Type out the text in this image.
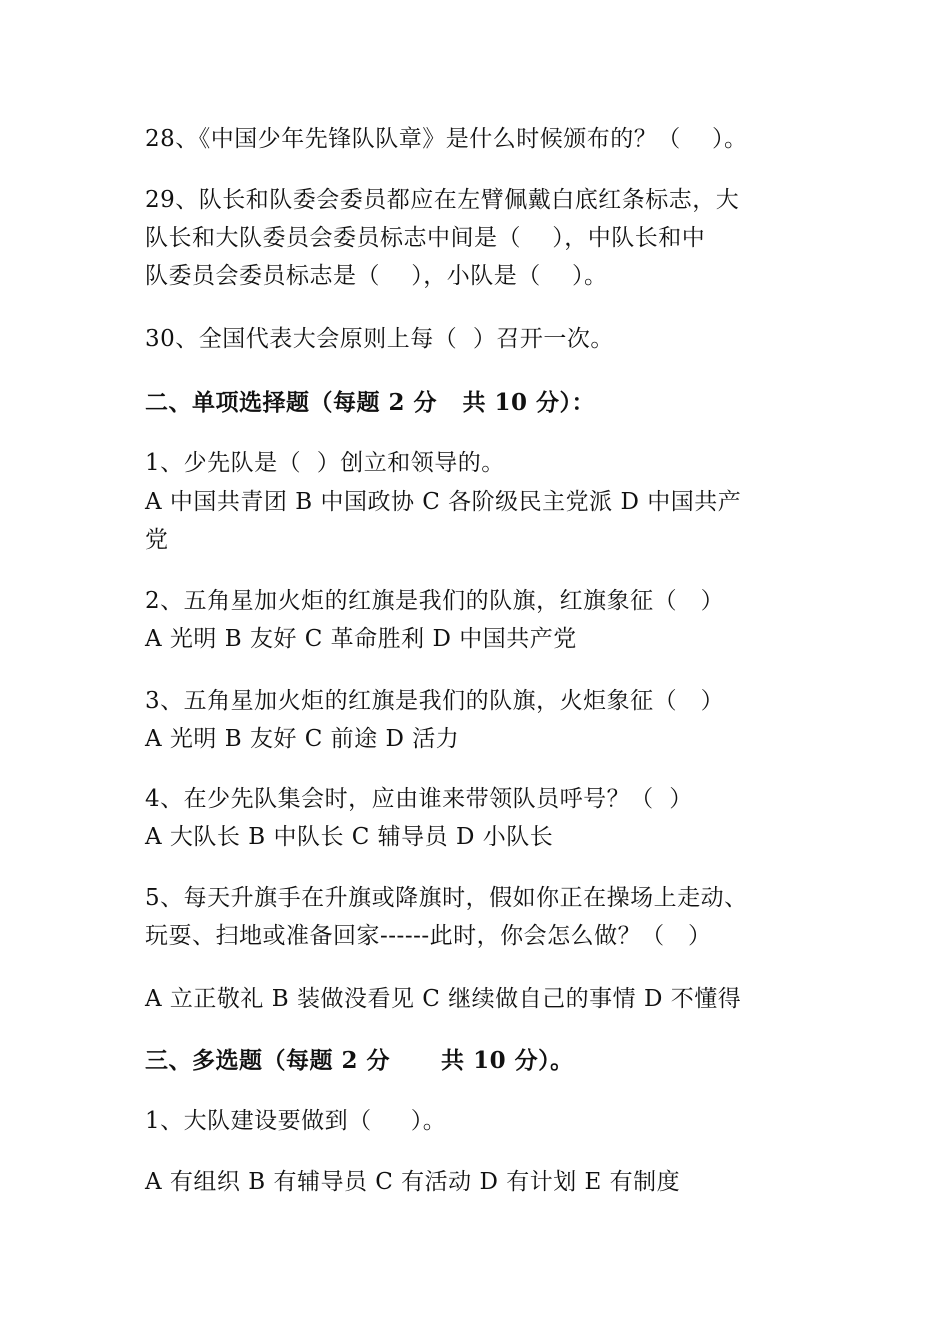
28、《中国少年先锋队队章》是什么时候颁布的？（    ）。
29、队长和队委会委员都应在左臂佩戴白底红条标志，大
队长和大队委员会委员标志中间是（    ），中队长和中
队委员会委员标志是（    ），小队是（    ）。
30、全国代表大会原则上每（  ）召开一次。
二、单项选择题（每题 2 分   共 10 分）：
1、少先队是（  ）创立和领导的。
A 中国共青团 B 中国政协 C 各阶级民主党派 D 中国共产
党
2、五角星加火炬的红旗是我们的队旗，红旗象征（   ）
A 光明 B 友好 C 革命胜利 D 中国共产党
3、五角星加火炬的红旗是我们的队旗，火炬象征（   ）
A 光明 B 友好 C 前途 D 活力
4、在少先队集会时，应由谁来带领队员呼号？（  ）
A 大队长 B 中队长 C 辅导员 D 小队长
5、每天升旗手在升旗或降旗时，假如你正在操场上走动、
玩耍、扫地或准备回家------此时，你会怎么做？（   ）
A 立正敬礼 B 装做没看见 C 继续做自己的事情 D 不懂得
三、多选题（每题 2 分      共 10 分）。
1、大队建设要做到（     ）。
A 有组织 B 有辅导员 C 有活动 D 有计划 E 有制度
